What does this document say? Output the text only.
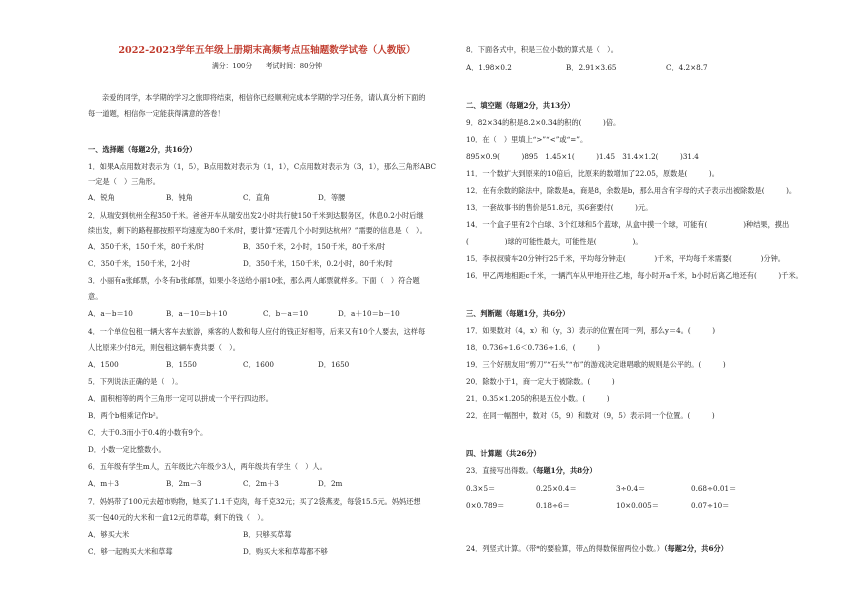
2022-2023学年五年级上册期末高频考点压轴题数学试卷（人教版）
满分：100分　　考试时间：80分钟
亲爱的同学，本学期的学习之旅即将结束，相信你已经顺利完成本学期的学习任务，请认真分析下面的
每一道题，相信你一定能获得满意的答卷！
一、选择题（每题2分，共16分）
1．如果A点用数对表示为（1，5），B点用数对表示为（1，1），C点用数对表示为（3，1），那么三角形ABC
一定是（　）三角形。
A．锐角	B．钝角	C．直角	D．等腰
2．从瑞安到杭州全程350千米。爸爸开车从瑞安出发2小时共行驶150千米到达服务区，休息0.2小时后继
续出发，剩下的路程都按照平均速度为80千米/时，要计算“还需几个小时到达杭州？”需要的信息是（　）。
A．350千米，150千米，80千米/时	B．350千米，2小时，150千米，80千米/时
C．350千米，150千米，2小时	D．350千米，150千米，0.2小时，80千米/时
3．小丽有a张邮票，小冬有b张邮票，如果小冬送给小丽10张，那么两人邮票就样多。下面（　）符合题
意。
A．a－b＝10	B．a－10＝b＋10	C．b－a＝10	D．a＋10＝b－10
4．一个单位包租一辆大客车去旅游，乘客的人数和每人应付的钱正好相等，后来又有10个人要去，这样每
人比原来少付8元，则包租这辆车费共要（　）。
A．1500	B．1550	C．1600	D．1650
5．下列说法正确的是（　）。
A．面积相等的两个三角形一定可以拼成一个平行四边形。
B．两个b相乘记作b²。
C．大于0.3而小于0.4的小数有9个。
D．小数一定比整数小。
6．五年级有学生m人，五年级比六年级少3人，两年级共有学生（　）人。
A．m＋3	B．2m－3	C．2m＋3	D．2m
7．妈妈带了100元去超市购物，她买了1.1千克肉，每千克32元；买了2袋燕麦，每袋15.5元。妈妈还想
买一包40元的大米和一盒12元的草莓，剩下的钱（　）。
A．够买大米	B．只够买草莓
C．够一起购买大米和草莓	D．购买大米和草莓都不够
8．下面各式中，积是三位小数的算式是（　）。
A．1.98×0.2	B．2.91×3.65	C．4.2×8.7
二、填空题（每题2分，共13分）
9．82×34的积是8.2×0.34的积的(　　　)倍。
10．在（　）里填上“>”“<”或“=”。
895×0.9(　　　)895　1.45×1(　　　)1.45　31.4×1.2(　　　)31.4
11．一个数扩大到原来的10倍后，比原来的数增加了22.05，原数是(　　　)。
12．在有余数的除法中，除数是a，商是8，余数是b，那么用含有字母的式子表示出被除数是(　　　)。
13．一套故事书的售价是51.8元，买6套要付(　　　)元。
14．一个盒子里有2个白球、3个红球和5个蓝球，从盒中摸一个球，可能有(　　　　　)种结果，摸出
(　　　　　)球的可能性最大，可能性是(　　　　　)。
15．李叔叔骑车20分钟行25千米，平均每分钟走(　　　　)千米，平均每千米需要(　　　　)分钟。
16．甲乙两地相距c千米，一辆汽车从甲地开往乙地，每小时开a千米，b小时后离乙地还有(　　　)千米。
三、判断题（每题1分，共6分）
17．如果数对（4，x）和（y，3）表示的位置在同一列，那么y＝4。(　　　)
18．0.736÷1.6＜0.736÷1.6．(　　　)
19．三个好朋友用“剪刀”“石头”“布”的游戏决定谁唱歌的规则是公平的。(　　　)
20．除数小于1，商一定大于被除数。(　　　)
21．0.35×1.205的积是五位小数。(　　　)
22．在同一幅图中，数对（5，9）和数对（9，5）表示同一个位置。(　　　)
四、计算题（共26分）
23．直接写出得数。（每题1分，共8分）
0.3×5＝	0.25×0.4＝	3÷0.4＝	0.68÷0.01＝
0×0.789＝	0.18÷6＝	10×0.005＝	0.07÷10＝
24．列竖式计算。（带*的要验算，带△的得数保留两位小数。）（每题2分，共6分）
